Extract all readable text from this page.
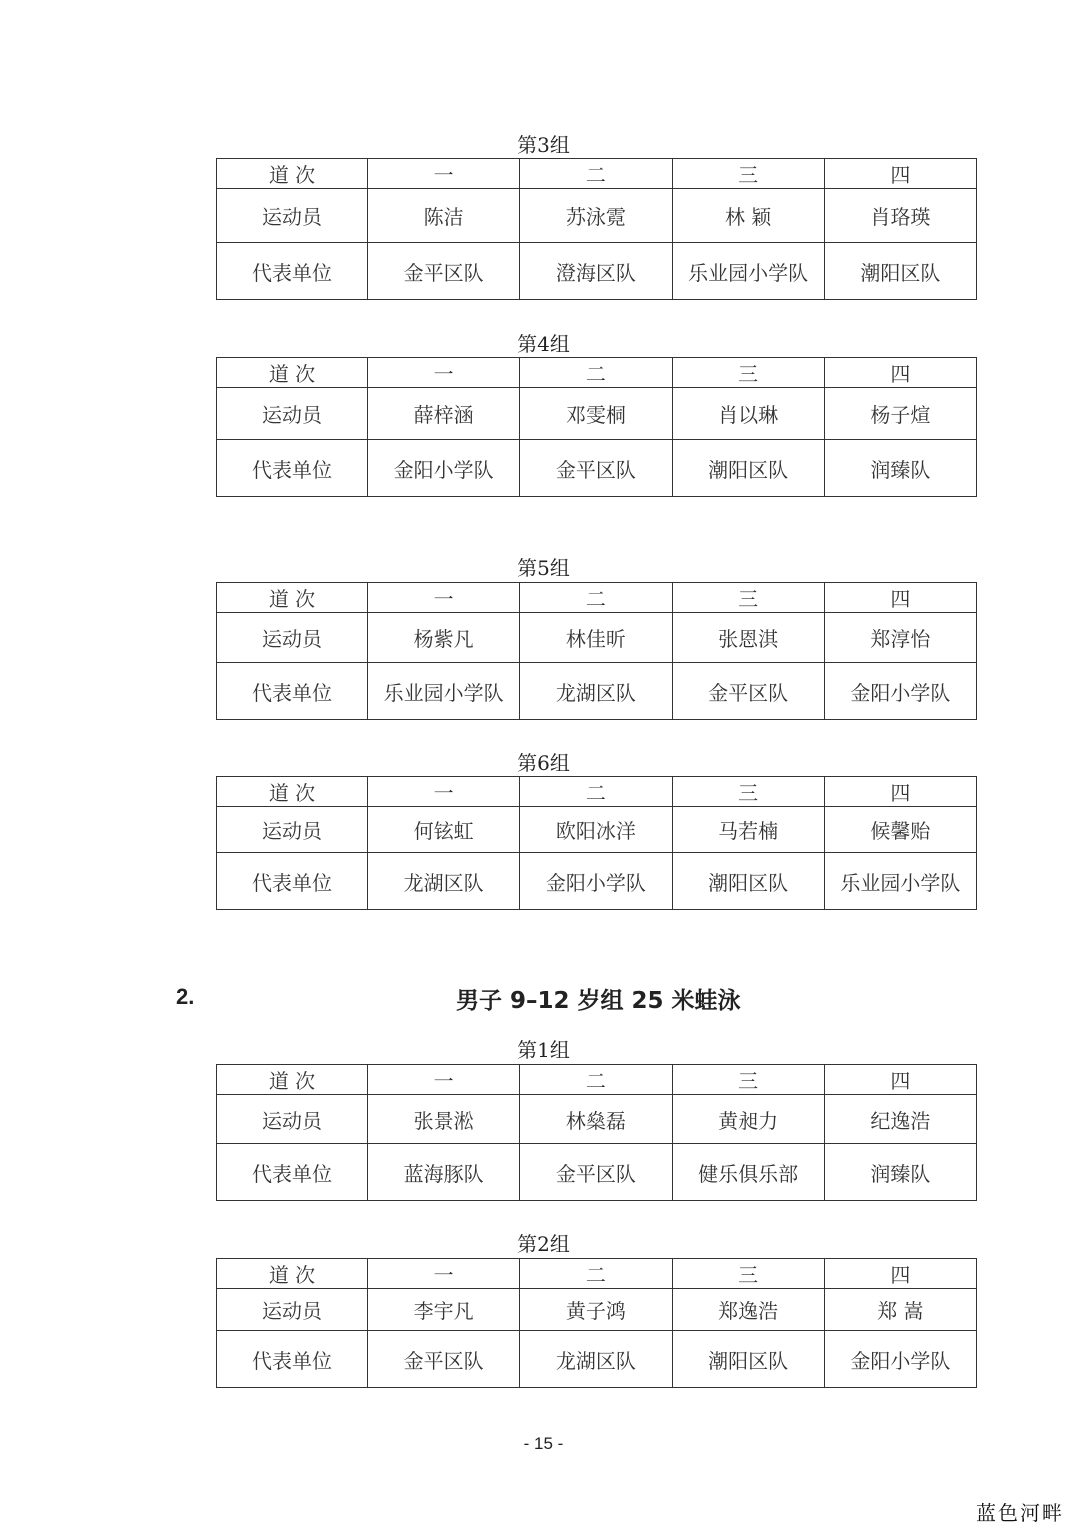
第3组
道 次	一	二	三	四
运动员	陈洁	苏泳霓	林 颖	肖珞瑛
代表单位	金平区队	澄海区队	乐业园小学队	潮阳区队
第4组
道 次	一	二	三	四
运动员	薛梓涵	邓雯桐	肖以琳	杨子煊
代表单位	金阳小学队	金平区队	潮阳区队	润臻队
第5组
道 次	一	二	三	四
运动员	杨紫凡	林佳昕	张恩淇	郑淳怡
代表单位	乐业园小学队	龙湖区队	金平区队	金阳小学队
第6组
道 次	一	二	三	四
运动员	何铉虹	欧阳冰洋	马若楠	候馨贻
代表单位	龙湖区队	金阳小学队	潮阳区队	乐业园小学队
2.	男子 9–12 岁组 25 米蛙泳
第1组
道 次	一	二	三	四
运动员	张景淞	林燊磊	黄昶力	纪逸浩
代表单位	蓝海豚队	金平区队	健乐俱乐部	润臻队
第2组
道 次	一	二	三	四
运动员	李宇凡	黄子鸿	郑逸浩	郑 嵩
代表单位	金平区队	龙湖区队	潮阳区队	金阳小学队
- 15 -
蓝色河畔
